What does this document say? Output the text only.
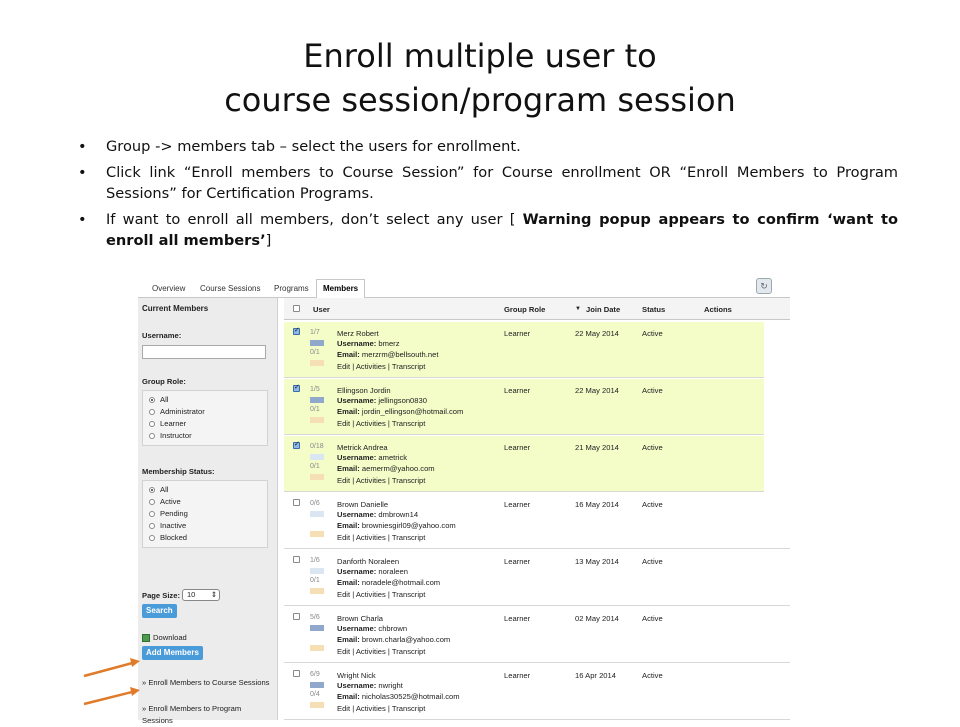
Enroll multiple user to
course session/program session
• Group -> members tab – select the users for enrollment.
• Click link “Enroll members to Course Session” for Course enrollment OR “Enroll Members to Program Sessions” for Certification Programs.
• If want to enroll all members, don’t select any user [ Warning popup appears to confirm ‘want to enroll all members’]
Overview	Course Sessions	Programs	Members	↻
Current Members
Username:
Group Role:
All
Administrator
Learner
Instructor
Membership Status:
All
Active
Pending
Inactive
Blocked
Page Size: 10 ⇕
Search
Download
Add Members
» Enroll Members to Course Sessions
» Enroll Members to Program Sessions
User	Group Role	▼ Join Date	Status	Actions
✓
1/7
0/1
Merz Robert
Username: bmerz
Email: merzrm@bellsouth.net
Edit | Activities | Transcript
Learner	22 May 2014	Active
✓
1/5
0/1
Ellingson Jordin
Username: jellingson0830
Email: jordin_ellingson@hotmail.com
Edit | Activities | Transcript
Learner	22 May 2014	Active
✓
0/18
0/1
Metrick Andrea
Username: ametrick
Email: aemerm@yahoo.com
Edit | Activities | Transcript
Learner	21 May 2014	Active
0/6 Brown Danielle
Username: dmbrown14
Email: browniesgirl09@yahoo.com
Edit | Activities | Transcript
Learner	16 May 2014	Active
1/6
0/1
Danforth Noraleen
Username: noraleen
Email: noradele@hotmail.com
Edit | Activities | Transcript
Learner	13 May 2014	Active
5/6 Brown Charla
Username: chbrown
Email: brown.charla@yahoo.com
Edit | Activities | Transcript
Learner	02 May 2014	Active
6/9
0/4
Wright Nick
Username: nwright
Email: nicholas30525@hotmail.com
Edit | Activities | Transcript
Learner	16 Apr 2014	Active
